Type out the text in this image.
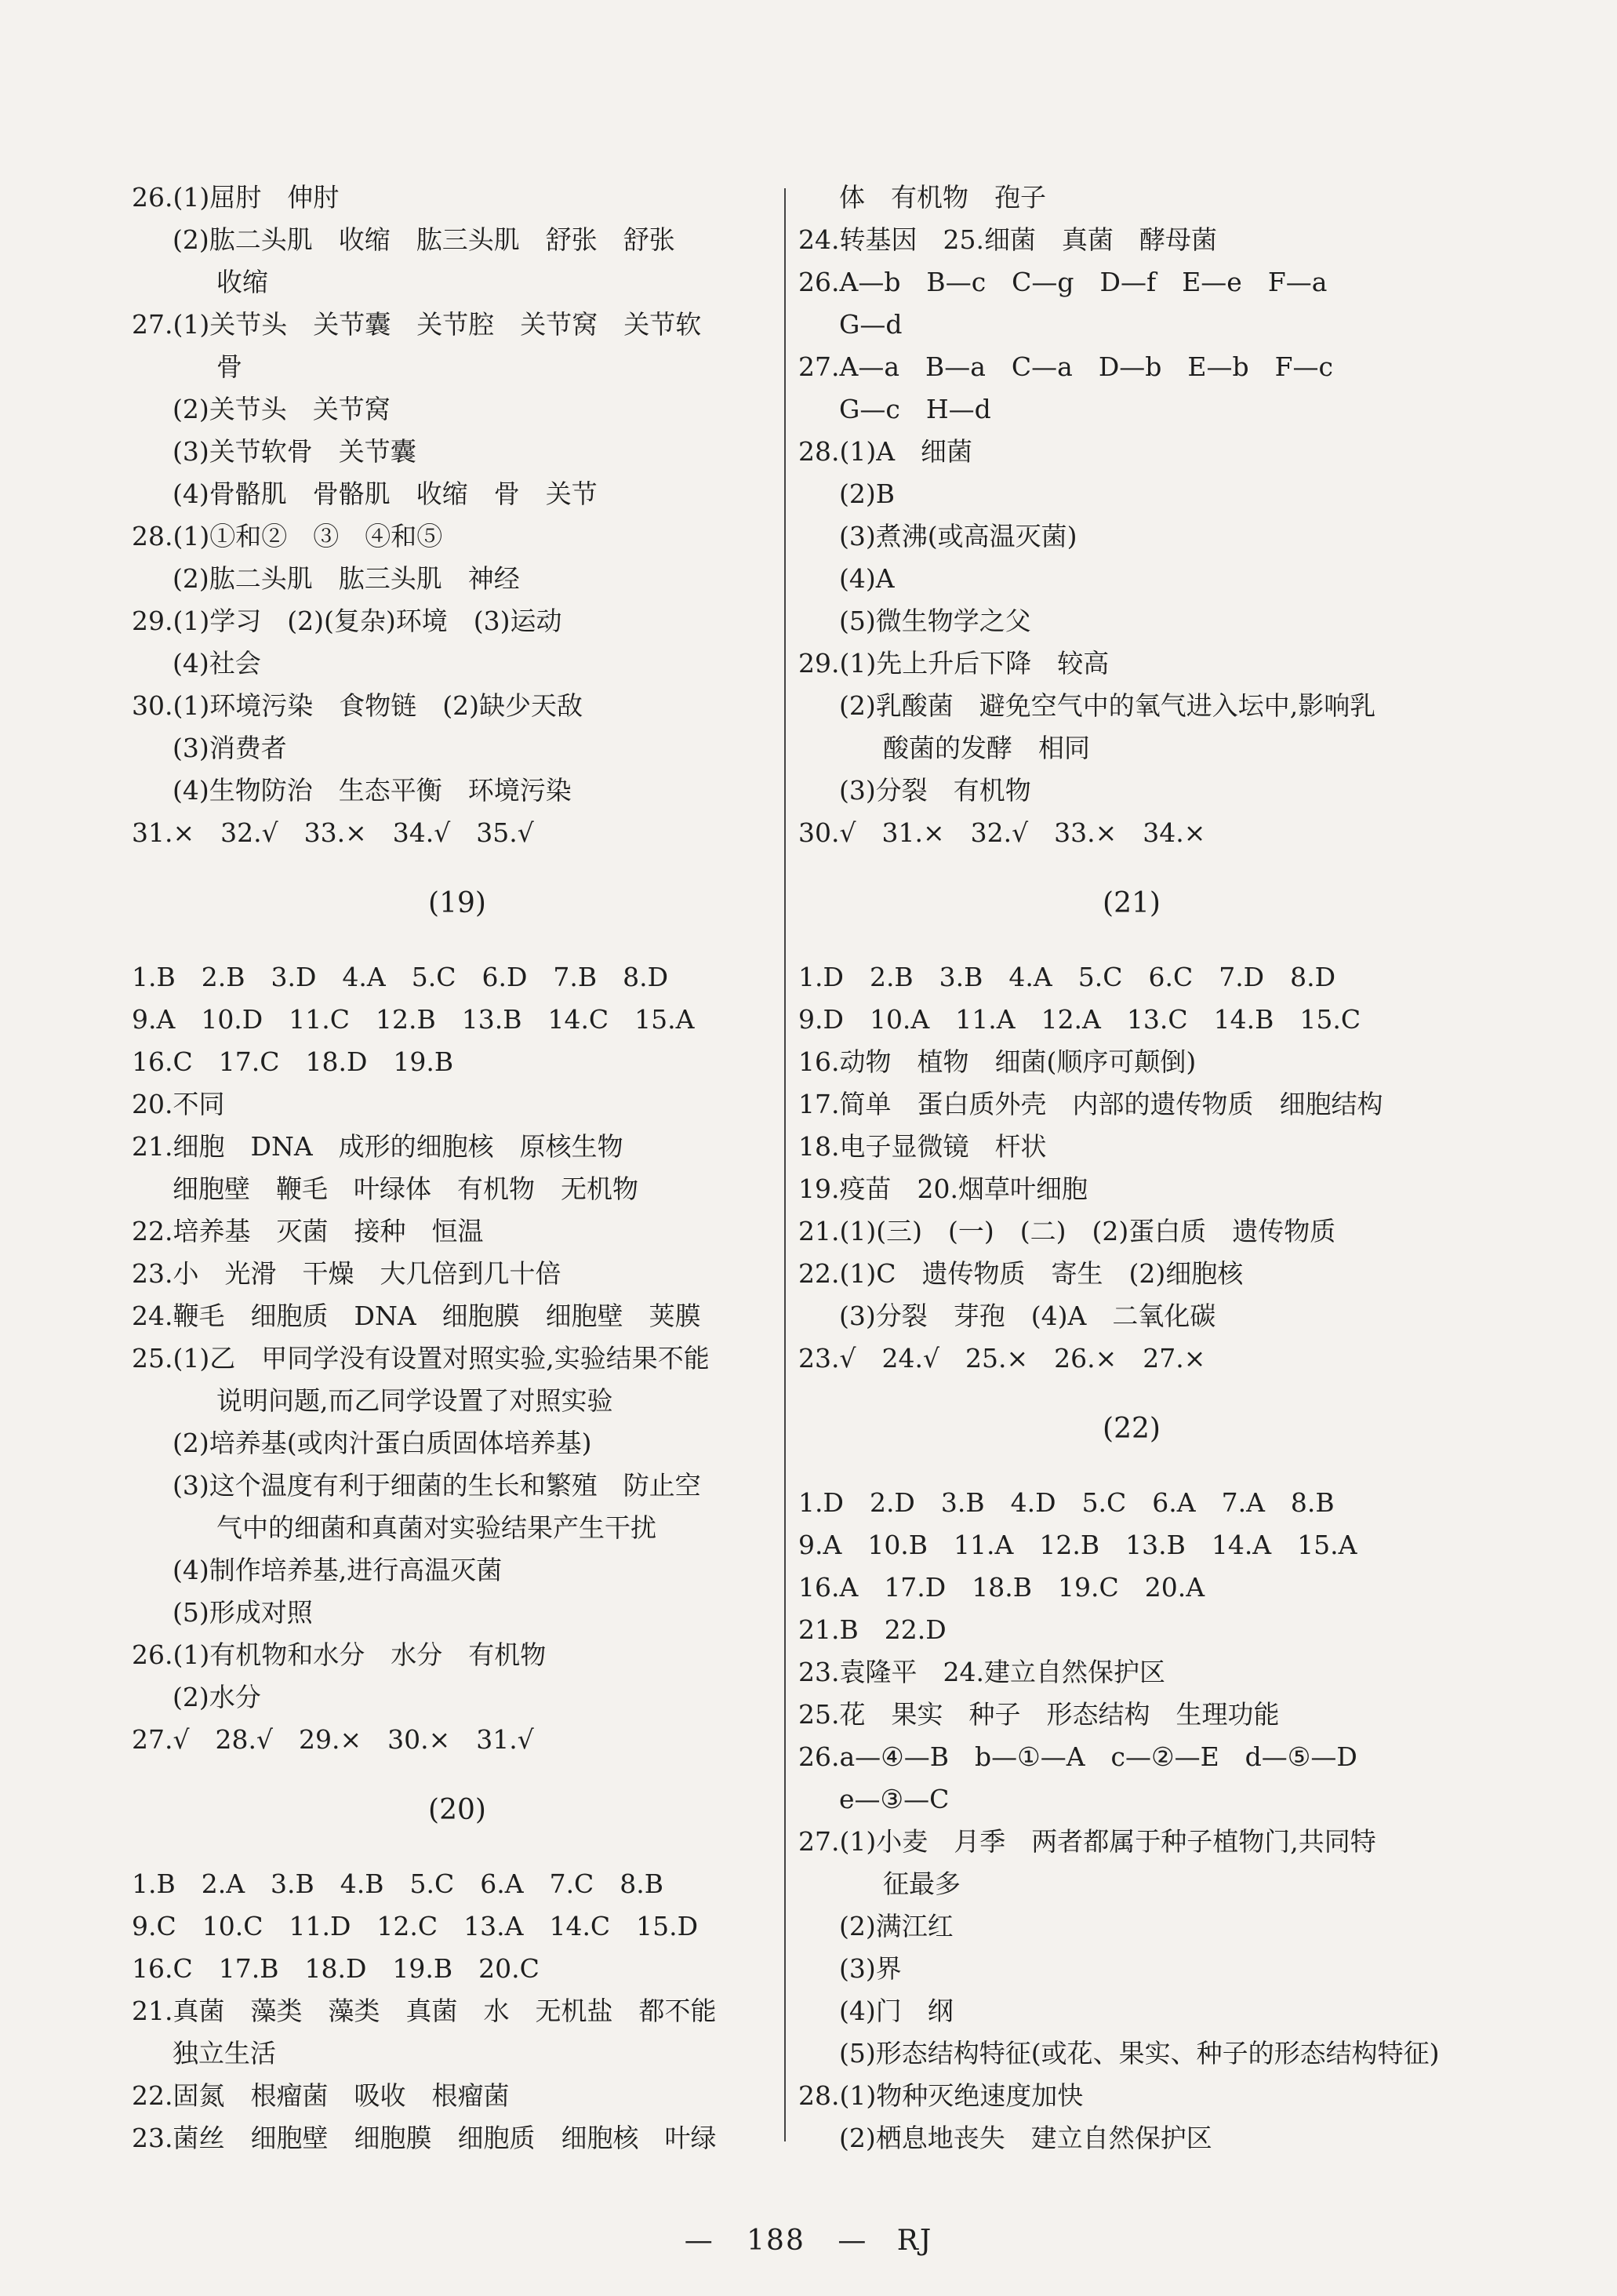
26.(1)屈肘　伸肘
(2)肱二头肌　收缩　肱三头肌　舒张　舒张
收缩
27.(1)关节头　关节囊　关节腔　关节窝　关节软
骨
(2)关节头　关节窝
(3)关节软骨　关节囊
(4)骨骼肌　骨骼肌　收缩　骨　关节
28.(1)①和②　③　④和⑤
(2)肱二头肌　肱三头肌　神经
29.(1)学习　(2)(复杂)环境　(3)运动
(4)社会
30.(1)环境污染　食物链　(2)缺少天敌
(3)消费者
(4)生物防治　生态平衡　环境污染
31.×　32.√　33.×　34.√　35.√
(19)
1.B　2.B　3.D　4.A　5.C　6.D　7.B　8.D
9.A　10.D　11.C　12.B　13.B　14.C　15.A
16.C　17.C　18.D　19.B
20.不同
21.细胞　DNA　成形的细胞核　原核生物
细胞壁　鞭毛　叶绿体　有机物　无机物
22.培养基　灭菌　接种　恒温
23.小　光滑　干燥　大几倍到几十倍
24.鞭毛　细胞质　DNA　细胞膜　细胞壁　荚膜
25.(1)乙　甲同学没有设置对照实验,实验结果不能
说明问题,而乙同学设置了对照实验
(2)培养基(或肉汁蛋白质固体培养基)
(3)这个温度有利于细菌的生长和繁殖　防止空
气中的细菌和真菌对实验结果产生干扰
(4)制作培养基,进行高温灭菌
(5)形成对照
26.(1)有机物和水分　水分　有机物
(2)水分
27.√　28.√　29.×　30.×　31.√
(20)
1.B　2.A　3.B　4.B　5.C　6.A　7.C　8.B
9.C　10.C　11.D　12.C　13.A　14.C　15.D
16.C　17.B　18.D　19.B　20.C
21.真菌　藻类　藻类　真菌　水　无机盐　都不能
独立生活
22.固氮　根瘤菌　吸收　根瘤菌
23.菌丝　细胞壁　细胞膜　细胞质　细胞核　叶绿
体　有机物　孢子
24.转基因　25.细菌　真菌　酵母菌
26.A—b　B—c　C—g　D—f　E—e　F—a
G—d
27.A—a　B—a　C—a　D—b　E—b　F—c
G—c　H—d
28.(1)A　细菌
(2)B
(3)煮沸(或高温灭菌)
(4)A
(5)微生物学之父
29.(1)先上升后下降　较高
(2)乳酸菌　避免空气中的氧气进入坛中,影响乳
酸菌的发酵　相同
(3)分裂　有机物
30.√　31.×　32.√　33.×　34.×
(21)
1.D　2.B　3.B　4.A　5.C　6.C　7.D　8.D
9.D　10.A　11.A　12.A　13.C　14.B　15.C
16.动物　植物　细菌(顺序可颠倒)
17.简单　蛋白质外壳　内部的遗传物质　细胞结构
18.电子显微镜　杆状
19.疫苗　20.烟草叶细胞
21.(1)(三)　(一)　(二)　(2)蛋白质　遗传物质
22.(1)C　遗传物质　寄生　(2)细胞核
(3)分裂　芽孢　(4)A　二氧化碳
23.√　24.√　25.×　26.×　27.×
(22)
1.D　2.D　3.B　4.D　5.C　6.A　7.A　8.B
9.A　10.B　11.A　12.B　13.B　14.A　15.A
16.A　17.D　18.B　19.C　20.A
21.B　22.D
23.袁隆平　24.建立自然保护区
25.花　果实　种子　形态结构　生理功能
26.a—④—B　b—①—A　c—②—E　d—⑤—D
e—③—C
27.(1)小麦　月季　两者都属于种子植物门,共同特
征最多
(2)满江红
(3)界
(4)门　纲
(5)形态结构特征(或花、果实、种子的形态结构特征)
28.(1)物种灭绝速度加快
(2)栖息地丧失　建立自然保护区
— 188 — RJ
